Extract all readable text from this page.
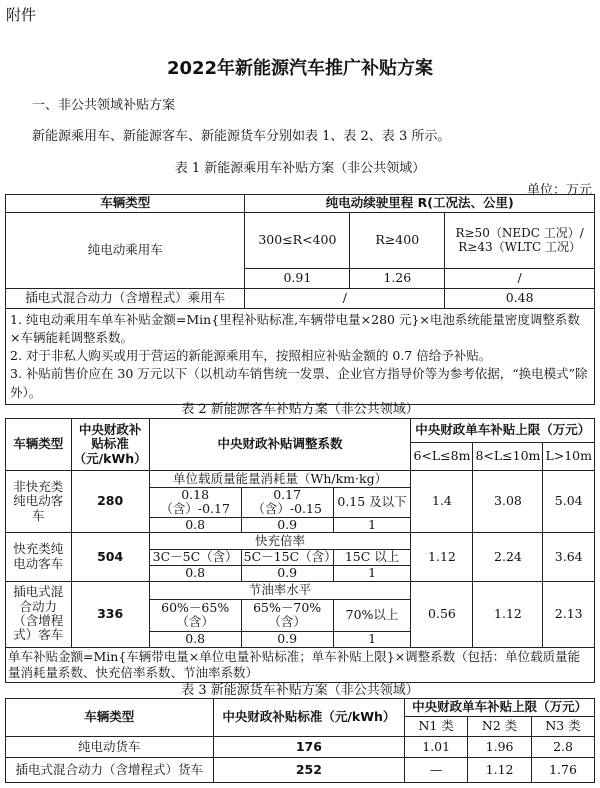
附件
2022年新能源汽车推广补贴方案
一、非公共领域补贴方案
新能源乘用车、新能源客车、新能源货车分别如表 1、表 2、表 3 所示。
表 1 新能源乘用车补贴方案（非公共领域）
单位：万元
车辆类型	纯电动续驶里程 R(工况法、公里)		
纯电动乘用车	300≤R<400	R≥400	R≥50（NEDC 工况）/
R≥43（WLTC 工况）

	0.91	1.26	/
插电式混合动力（含增程式）乘用车	/		0.48

1. 纯电动乘用车单车补贴金额=Min{里程补贴标准,车辆带电量×280 元}×电池系统能量密度调整系数×车辆能耗调整系数。
2. 对于非私人购买或用于营运的新能源乘用车，按照相应补贴金额的 0.7 倍给予补贴。
3. 补贴前售价应在 30 万元以下（以机动车销售统一发票、企业官方指导价等为参考依据，“换电模式”除外）。			
表 2 新能源客车补贴方案（非公共领域）
车辆类型	中央财政补贴标准（元/kWh）	中央财政补贴调整系数			中央财政单车补贴上限（万元）		
					6<L≤8m	8<L≤10m	L>10m
非快充类纯电动客车	280	单位载质量能量消耗量（Wh/km·kg）			1.4	3.08	5.04
		0.18（含）-0.17	0.17（含）-0.15	0.15 及以下			
		0.8	0.9	1			
快充类纯电动客车	504	快充倍率			1.12	2.24	3.64
		3C－5C（含）	5C－15C（含）	15C 以上			
		0.8	0.9	1			
插电式混合动力（含增程式）客车	336	节油率水平			0.56	1.12	2.13
		60%－65%（含）	65%－70%（含）	70%以上			
		0.8	0.9	1			
单车补贴金额=Min{车辆带电量×单位电量补贴标准；单车补贴上限}×调整系数（包括：单位载质量能量消耗量系数、快充倍率系数、节油率系数）							
表 3 新能源货车补贴方案（非公共领域）
车辆类型	中央财政补贴标准（元/kWh）	中央财政单车补贴上限（万元）		
		N1 类	N2 类	N3 类
纯电动货车	176	1.01	1.96	2.8
插电式混合动力（含增程式）货车	252	—	1.12	1.76
